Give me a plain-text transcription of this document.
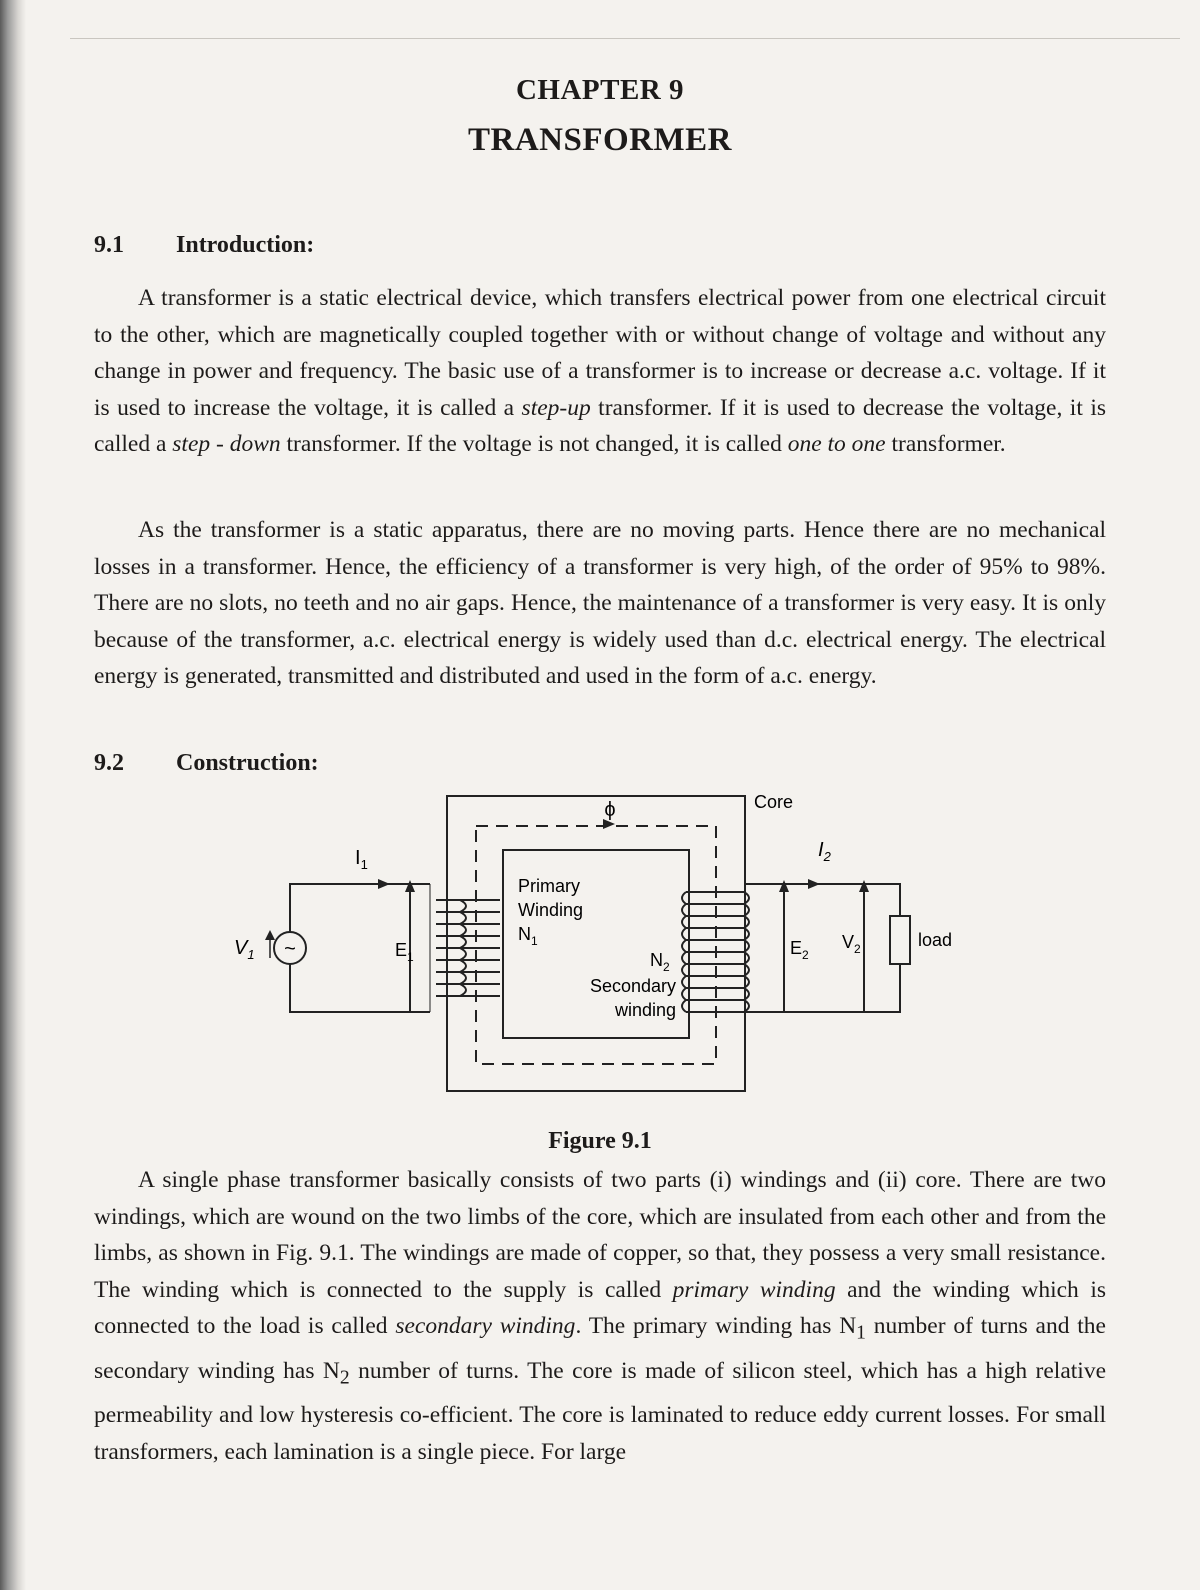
CHAPTER 9
TRANSFORMER
9.1 Introduction:

A transformer is a static electrical device, which transfers electrical power from one electrical circuit to the other, which are magnetically coupled together with or without change of voltage and without any change in power and frequency. The basic use of a transformer is to increase or decrease a.c. voltage. If it is used to increase the voltage, it is called a step-up transformer. If it is used to decrease the voltage, it is called a step - down transformer. If the voltage is not changed, it is called one to one transformer.

As the transformer is a static apparatus, there are no moving parts. Hence there are no mechanical losses in a transformer. Hence, the efficiency of a transformer is very high, of the order of 95% to 98%. There are no slots, no teeth and no air gaps. Hence, the maintenance of a transformer is very easy. It is only because of the transformer, a.c. electrical energy is widely used than d.c. electrical energy. The electrical energy is generated, transmitted and distributed and used in the form of a.c. energy.

9.2 Construction:
Figure 9.1

A single phase transformer basically consists of two parts (i) windings and (ii) core. There are two windings, which are wound on the two limbs of the core, which are insulated from each other and from the limbs, as shown in Fig. 9.1. The windings are made of copper, so that, they possess a very small resistance. The winding which is connected to the supply is called primary winding and the winding which is connected to the load is called secondary winding. The primary winding has $N_1$ number of turns and the secondary winding has $N_2$ number of turns. The core is made of silicon steel, which has a high relative permeability and low hysteresis co-efficient. The core is laminated to reduce eddy current losses. For small transformers, each lamination is a single piece. For large

Core
ϕ
$I_1$
$I_2$
$V_1$ ~	$E_1$
Primary
Winding
$N_1$
$N_2$
Secondary
winding
$E_2$
$V_2$	load
